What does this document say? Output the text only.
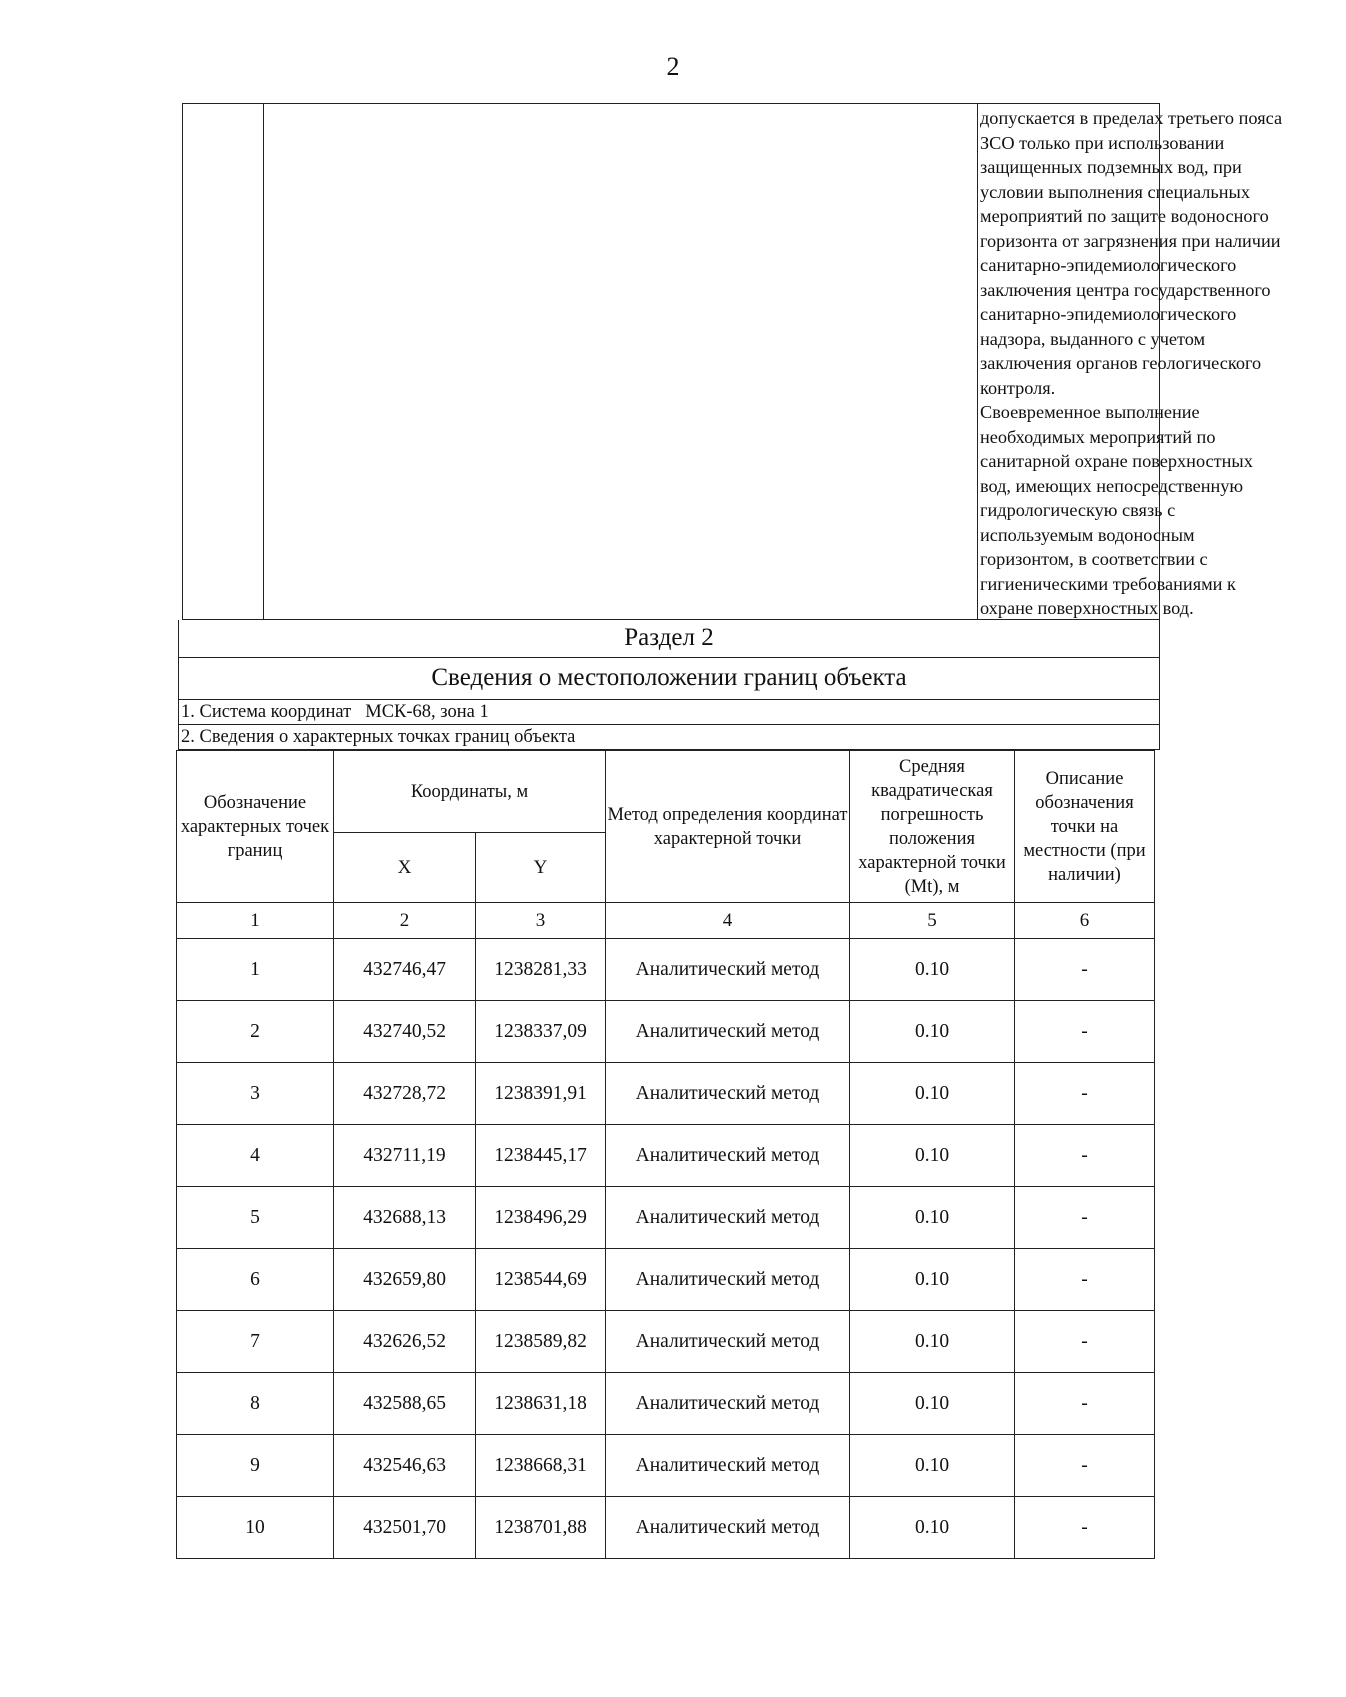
2
допускается в пределах третьего пояса
ЗСО только при использовании
защищенных подземных вод, при
условии выполнения специальных
мероприятий по защите водоносного
горизонта от загрязнения при наличии
санитарно-эпидемиологического
заключения центра государственного
санитарно-эпидемиологического
надзора, выданного с учетом
заключения органов геологического
контроля.
Своевременное выполнение
необходимых мероприятий по
санитарной охране поверхностных
вод, имеющих непосредственную
гидрологическую связь с
используемым водоносным
горизонтом, в соответствии с
гигиеническими требованиями к
охране поверхностных вод.
Раздел 2
Сведения о местоположении границ объекта
1. Система координат МСК-68, зона 1
2. Сведения о характерных точках границ объекта
Обозначение характерных точек границ	Координаты, м		Метод определения координат характерной точки	Средняя квадратическая погрешность положения характерной точки (Mt), м	Описание обозначения точки на местности (при наличии)
	X	Y			
1	2	3	4	5	6
1	432746,47	1238281,33	Аналитический метод	0.10	-
2	432740,52	1238337,09	Аналитический метод	0.10	-
3	432728,72	1238391,91	Аналитический метод	0.10	-
4	432711,19	1238445,17	Аналитический метод	0.10	-
5	432688,13	1238496,29	Аналитический метод	0.10	-
6	432659,80	1238544,69	Аналитический метод	0.10	-
7	432626,52	1238589,82	Аналитический метод	0.10	-
8	432588,65	1238631,18	Аналитический метод	0.10	-
9	432546,63	1238668,31	Аналитический метод	0.10	-
10	432501,70	1238701,88	Аналитический метод	0.10	-
